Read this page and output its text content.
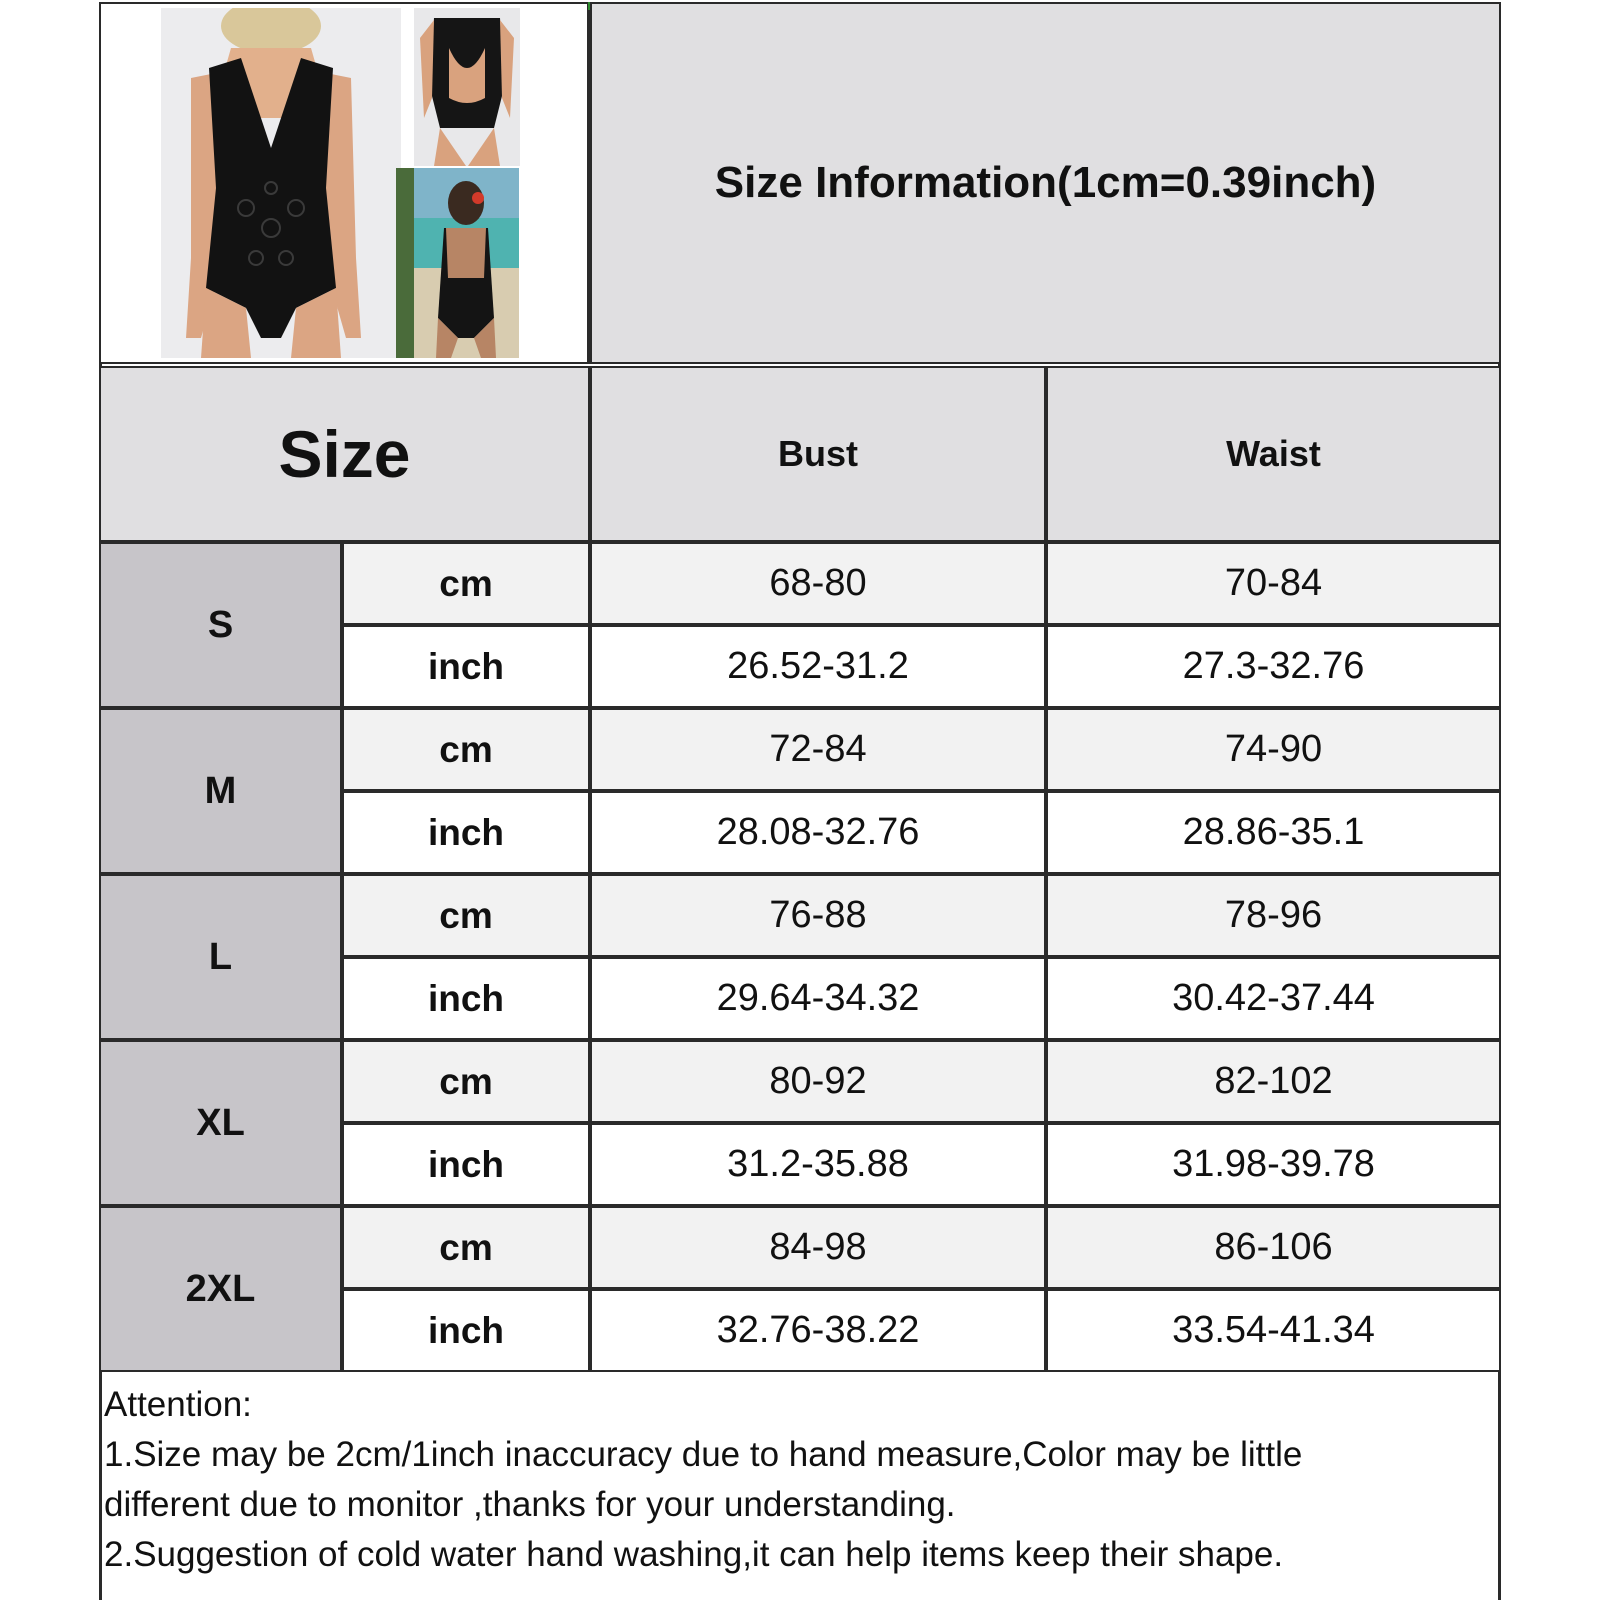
Size Information(1cm=0.39inch)
Size	Bust	Waist
S
cm	68-80	70-84
inch	26.52-31.2	27.3-32.76
M
cm	72-84	74-90
inch	28.08-32.76	28.86-35.1
L
cm	76-88	78-96
inch	29.64-34.32	30.42-37.44
XL
cm	80-92	82-102
inch	31.2-35.88	31.98-39.78
2XL
cm	84-98	86-106
inch	32.76-38.22	33.54-41.34
Attention:
1.Size may be 2cm/1inch inaccuracy due to hand measure,Color may be little
different due to monitor ,thanks for your understanding.
2.Suggestion of cold water hand washing,it can help items keep their shape.
